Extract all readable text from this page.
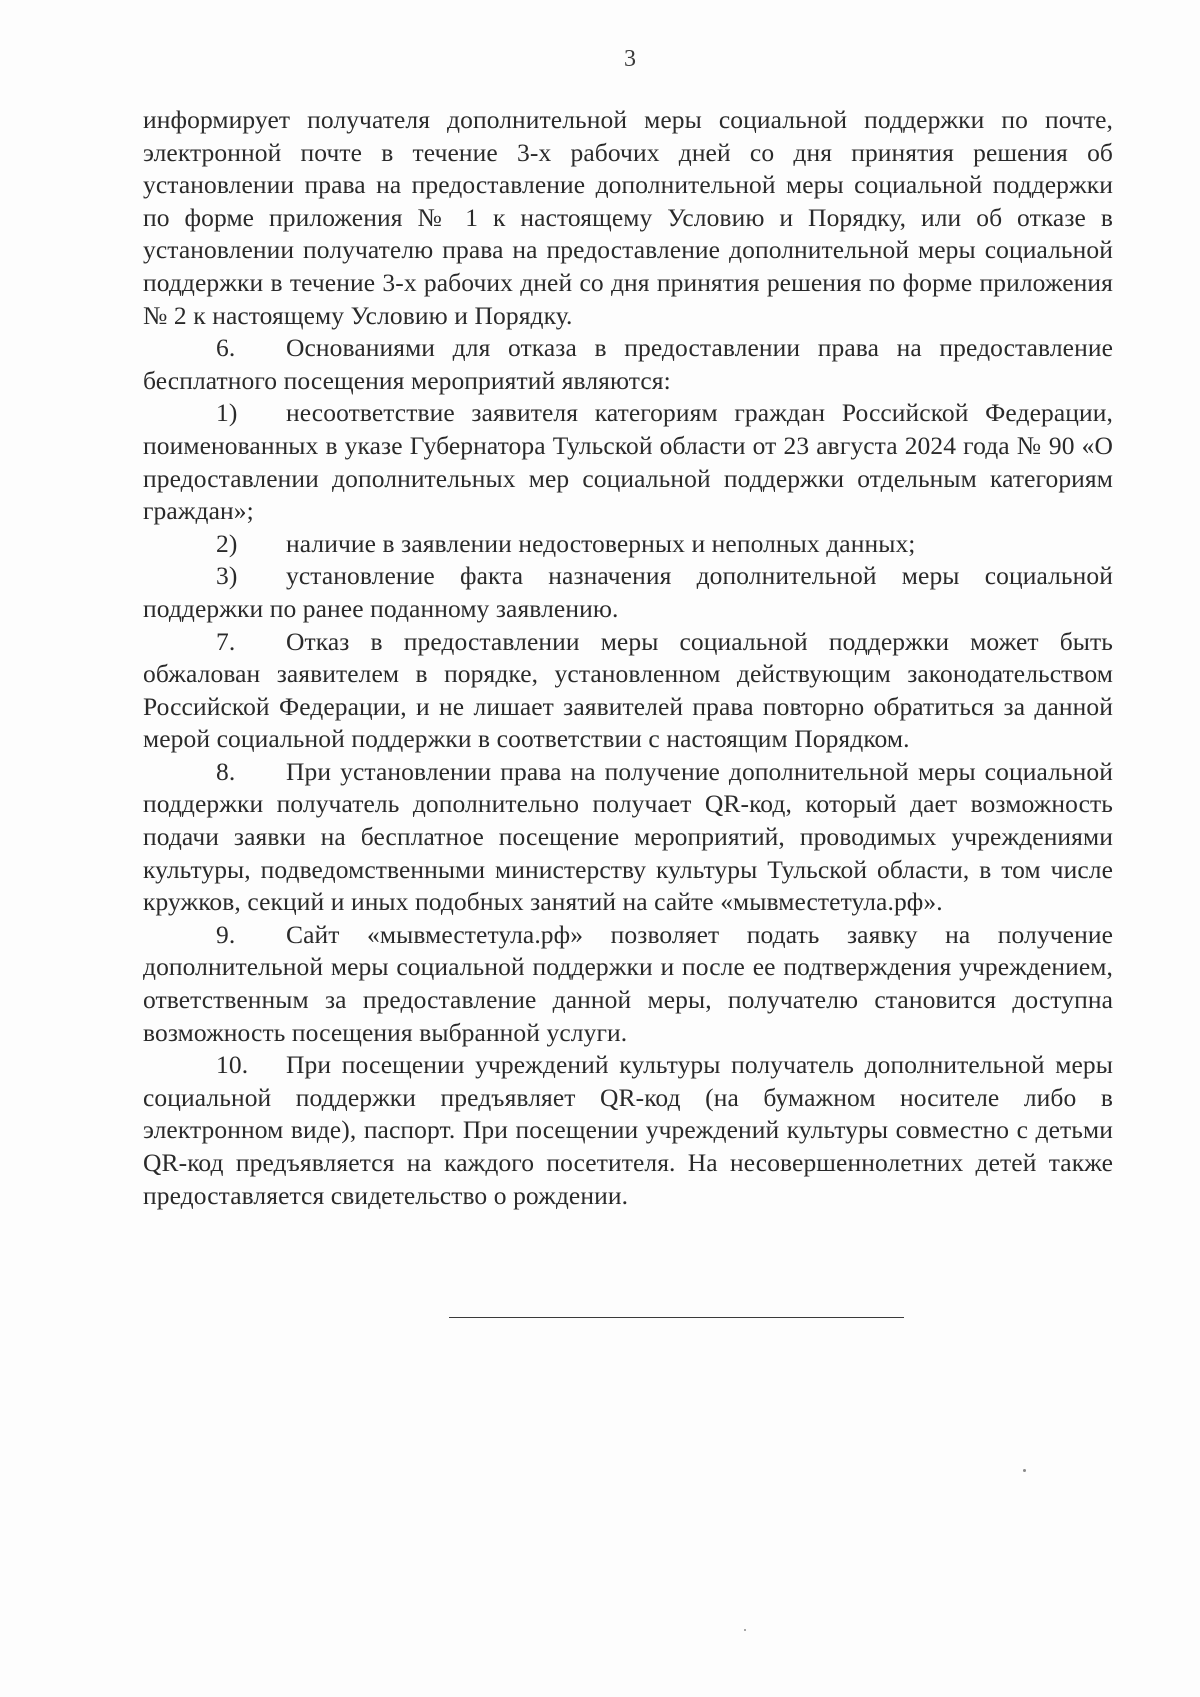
3

информирует получателя дополнительной меры социальной поддержки по почте, электронной почте в течение 3-х рабочих дней со дня принятия решения об установлении права на предоставление дополнительной меры социальной поддержки по форме приложения № 1 к настоящему Условию и Порядку, или об отказе в установлении получателю права на предоставление дополнительной меры социальной поддержки в течение 3-х рабочих дней со дня принятия решения по форме приложения № 2 к настоящему Условию и Порядку.

6. Основаниями для отказа в предоставлении права на предоставление бесплатного посещения мероприятий являются:

1) несоответствие заявителя категориям граждан Российской Федерации, поименованных в указе Губернатора Тульской области от 23 августа 2024 года № 90 «О предоставлении дополнительных мер социальной поддержки отдельным категориям граждан»;

2) наличие в заявлении недостоверных и неполных данных;

3) установление факта назначения дополнительной меры социальной поддержки по ранее поданному заявлению.

7. Отказ в предоставлении меры социальной поддержки может быть обжалован заявителем в порядке, установленном действующим законодательством Российской Федерации, и не лишает заявителей права повторно обратиться за данной мерой социальной поддержки в соответствии с настоящим Порядком.

8. При установлении права на получение дополнительной меры социальной поддержки получатель дополнительно получает QR-код, который дает возможность подачи заявки на бесплатное посещение мероприятий, проводимых учреждениями культуры, подведомственными министерству культуры Тульской области, в том числе кружков, секций и иных подобных занятий на сайте «мывместетула.рф».

9. Сайт «мывместетула.рф» позволяет подать заявку на получение дополнительной меры социальной поддержки и после ее подтверждения учреждением, ответственным за предоставление данной меры, получателю становится доступна возможность посещения выбранной услуги.

10. При посещении учреждений культуры получатель дополнительной меры социальной поддержки предъявляет QR-код (на бумажном носителе либо в электронном виде), паспорт. При посещении учреждений культуры совместно с детьми QR-код предъявляется на каждого посетителя. На несовершеннолетних детей также предоставляется свидетельство о рождении.
